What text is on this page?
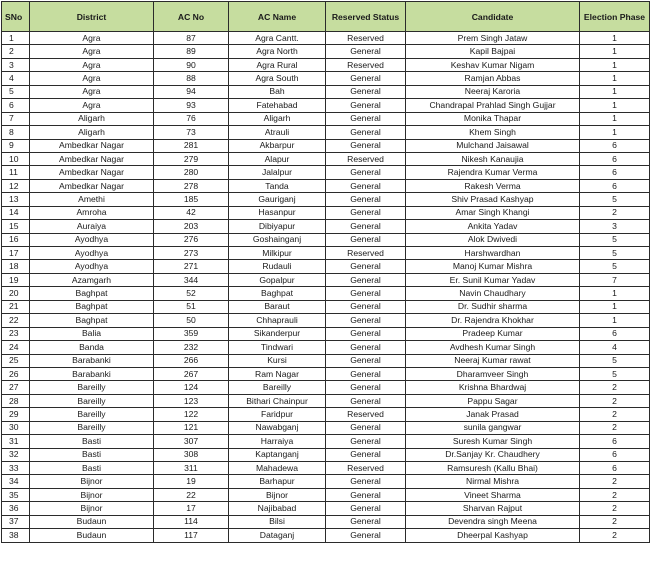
SNo	District	AC No	AC Name	Reserved Status	Candidate	Election Phase
1	Agra	87	Agra Cantt.	Reserved	Prem Singh Jataw	1
2	Agra	89	Agra North	General	Kapil Bajpai	1
3	Agra	90	Agra Rural	Reserved	Keshav Kumar Nigam	1
4	Agra	88	Agra South	General	Ramjan Abbas	1
5	Agra	94	Bah	General	Neeraj Karoria	1
6	Agra	93	Fatehabad	General	Chandrapal Prahlad Singh Gujjar	1
7	Aligarh	76	Aligarh	General	Monika Thapar	1
8	Aligarh	73	Atrauli	General	Khem Singh	1
9	Ambedkar Nagar	281	Akbarpur	General	Mulchand Jaisawal	6
10	Ambedkar Nagar	279	Alapur	Reserved	Nikesh Kanaujia	6
11	Ambedkar Nagar	280	Jalalpur	General	Rajendra Kumar Verma	6
12	Ambedkar Nagar	278	Tanda	General	Rakesh Verma	6
13	Amethi	185	Gauriganj	General	Shiv Prasad Kashyap	5
14	Amroha	42	Hasanpur	General	Amar Singh Khangi	2
15	Auraiya	203	Dibiyapur	General	Ankita Yadav	3
16	Ayodhya	276	Goshainganj	General	Alok Dwivedi	5
17	Ayodhya	273	Milkipur	Reserved	Harshwardhan	5
18	Ayodhya	271	Rudauli	General	Manoj Kumar Mishra	5
19	Azamgarh	344	Gopalpur	General	Er. Sunil Kumar Yadav	7
20	Baghpat	52	Baghpat	General	Navin Chaudhary	1
21	Baghpat	51	Baraut	General	Dr. Sudhir sharma	1
22	Baghpat	50	Chhaprauli	General	Dr. Rajendra Khokhar	1
23	Balia	359	Sikanderpur	General	Pradeep Kumar	6
24	Banda	232	Tindwari	General	Avdhesh Kumar Singh	4
25	Barabanki	266	Kursi	General	Neeraj Kumar rawat	5
26	Barabanki	267	Ram Nagar	General	Dharamveer Singh	5
27	Bareilly	124	Bareilly	General	Krishna Bhardwaj	2
28	Bareilly	123	Bithari Chainpur	General	Pappu Sagar	2
29	Bareilly	122	Faridpur	Reserved	Janak Prasad	2
30	Bareilly	121	Nawabganj	General	sunila gangwar	2
31	Basti	307	Harraiya	General	Suresh Kumar Singh	6
32	Basti	308	Kaptanganj	General	Dr.Sanjay Kr. Chaudhery	6
33	Basti	311	Mahadewa	Reserved	Ramsuresh (Kallu Bhai)	6
34	Bijnor	19	Barhapur	General	Nirmal Mishra	2
35	Bijnor	22	Bijnor	General	Vineet Sharma	2
36	Bijnor	17	Najibabad	General	Sharvan Rajput	2
37	Budaun	114	Bilsi	General	Devendra singh Meena	2
38	Budaun	117	Dataganj	General	Dheerpal Kashyap	2
